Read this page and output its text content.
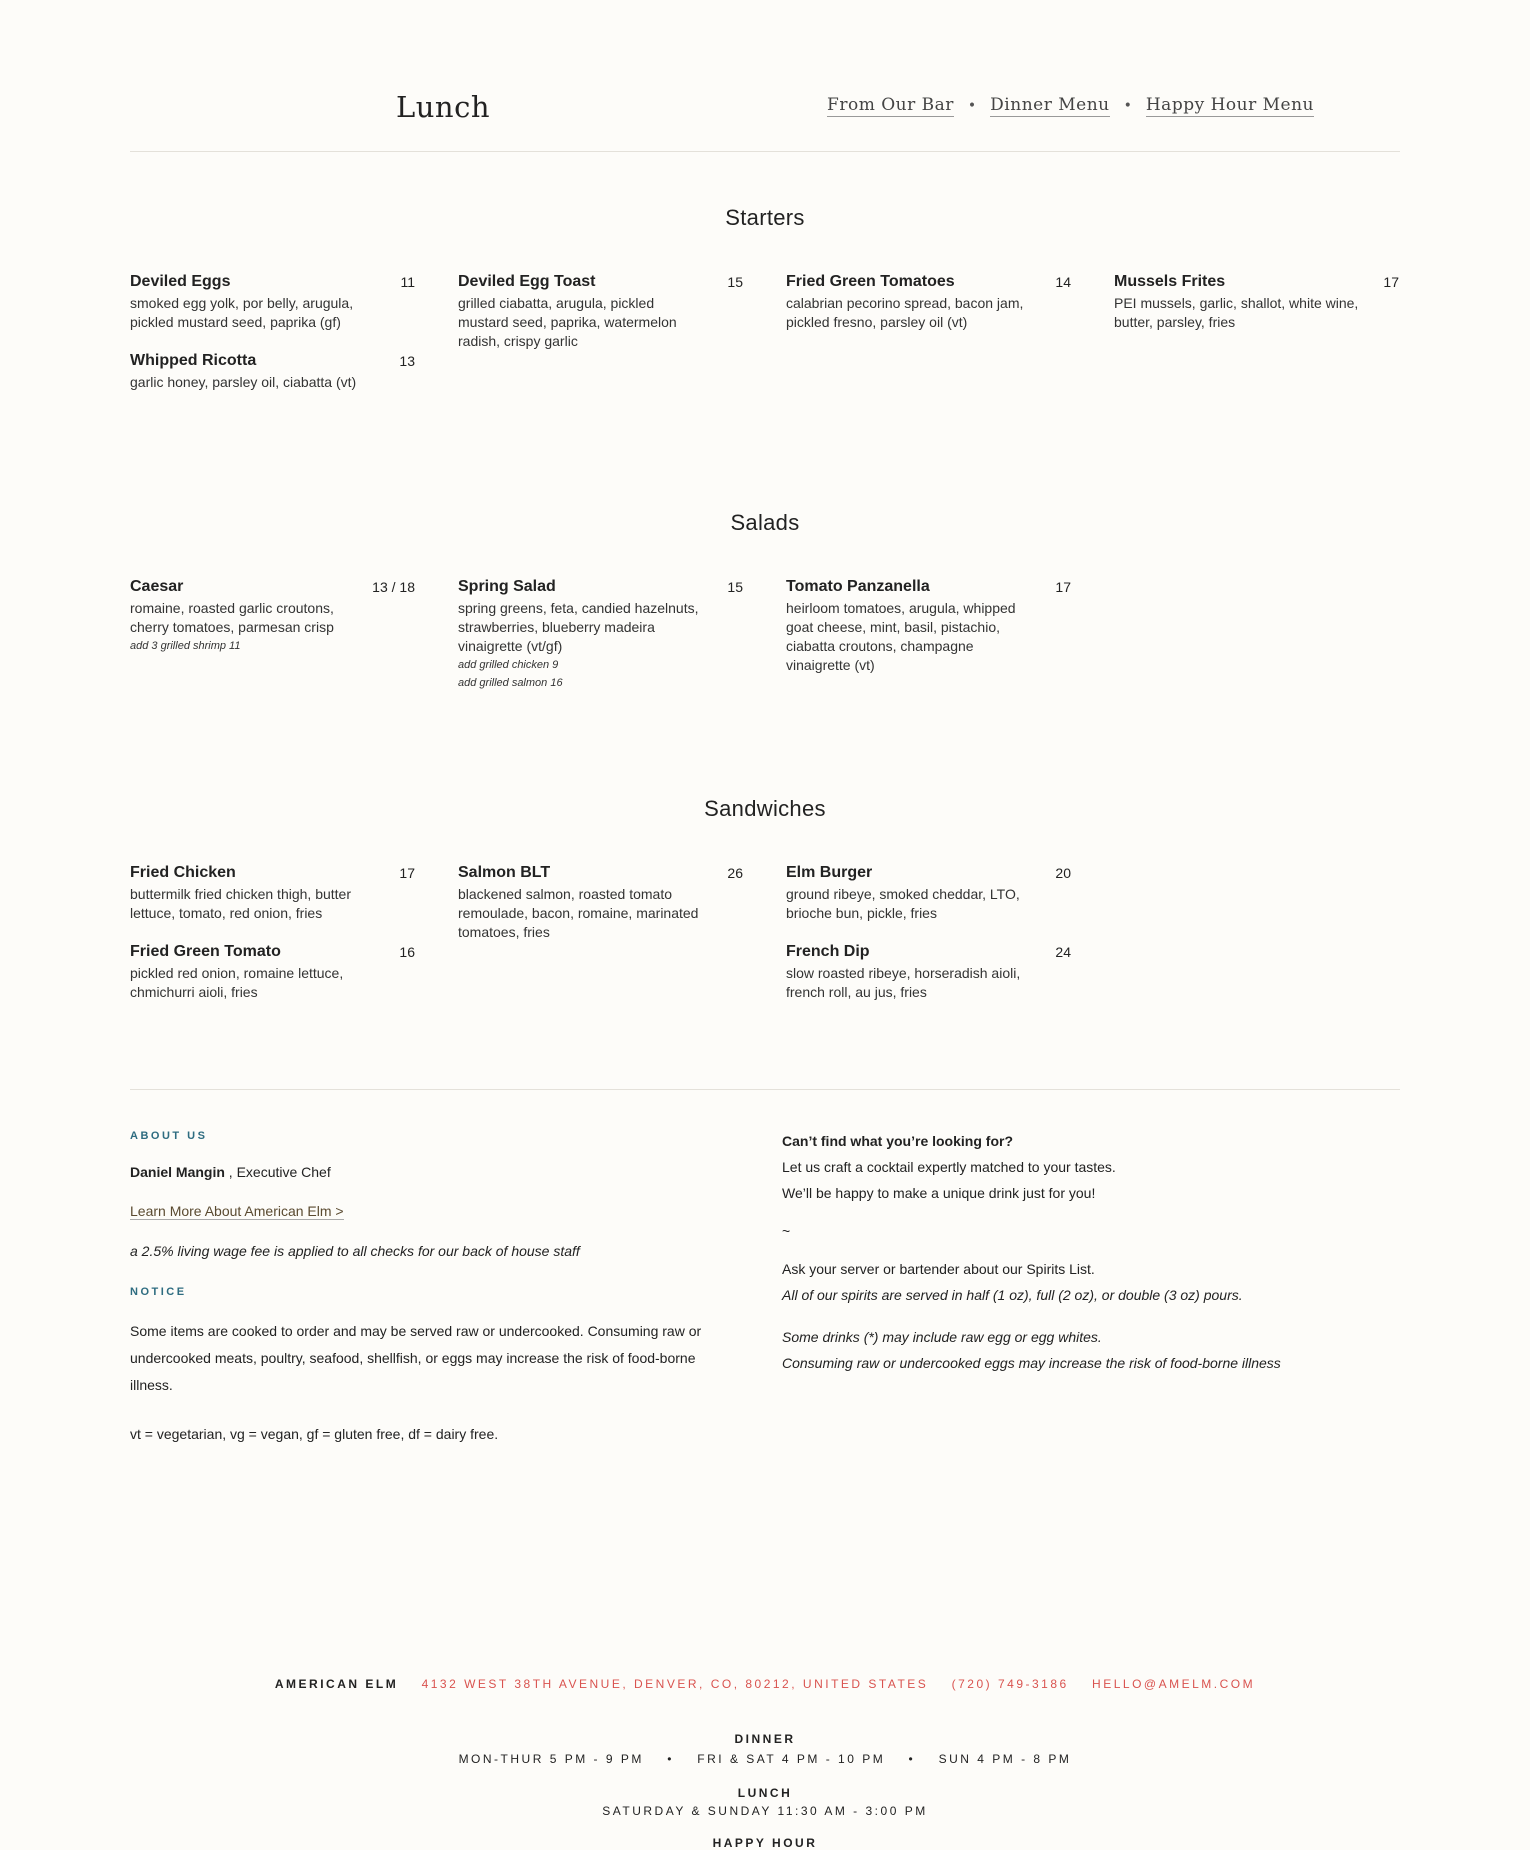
Lunch	From Our Bar • Dinner Menu • Happy Hour Menu
Starters
Deviled Eggs	11
smoked egg yolk, por belly, arugula, pickled mustard seed, paprika (gf)
Whipped Ricotta	13
garlic honey, parsley oil, ciabatta (vt)
Deviled Egg Toast	15
grilled ciabatta, arugula, pickled mustard seed, paprika, watermelon radish, crispy garlic
Fried Green Tomatoes	14
calabrian pecorino spread, bacon jam, pickled fresno, parsley oil (vt)
Mussels Frites	17
PEI mussels, garlic, shallot, white wine, butter, parsley, fries
Salads
Caesar	13 / 18
romaine, roasted garlic croutons, cherry tomatoes, parmesan crisp
add 3 grilled shrimp 11
Spring Salad	15
spring greens, feta, candied hazelnuts, strawberries, blueberry madeira vinaigrette (vt/gf)
add grilled chicken 9
add grilled salmon 16
Tomato Panzanella	17
heirloom tomatoes, arugula, whipped goat cheese, mint, basil, pistachio, ciabatta croutons, champagne vinaigrette (vt)
Sandwiches
Fried Chicken	17
buttermilk fried chicken thigh, butter lettuce, tomato, red onion, fries
Fried Green Tomato	16
pickled red onion, romaine lettuce, chmichurri aioli, fries
Salmon BLT	26
blackened salmon, roasted tomato remoulade, bacon, romaine, marinated tomatoes, fries
Elm Burger	20
ground ribeye, smoked cheddar, LTO, brioche bun, pickle, fries
French Dip	24
slow roasted ribeye, horseradish aioli, french roll, au jus, fries
ABOUT US

Daniel Mangin , Executive Chef

Learn More About American Elm >

a 2.5% living wage fee is applied to all checks for our back of house staff

NOTICE

Some items are cooked to order and may be served raw or undercooked. Consuming raw or undercooked meats, poultry, seafood, shellfish, or eggs may increase the risk of food-borne illness.

vt = vegetarian, vg = vegan, gf = gluten free, df = dairy free.

Can’t find what you’re looking for?

Let us craft a cocktail expertly matched to your tastes.

We’ll be happy to make a unique drink just for you!

~

Ask your server or bartender about our Spirits List.

All of our spirits are served in half (1 oz), full (2 oz), or double (3 oz) pours.

Some drinks (*) may include raw egg or egg whites.

Consuming raw or undercooked eggs may increase the risk of food-borne illness

AMERICAN ELM 4132 WEST 38TH AVENUE, DENVER, CO, 80212, UNITED STATES (720) 749-3186 HELLO@AMELM.COM
DINNER
MON-THUR 5 PM - 9 PM    •    FRI & SAT 4 PM - 10 PM    •    SUN 4 PM - 8 PM
LUNCH
SATURDAY & SUNDAY 11:30 AM - 3:00 PM
HAPPY HOUR
